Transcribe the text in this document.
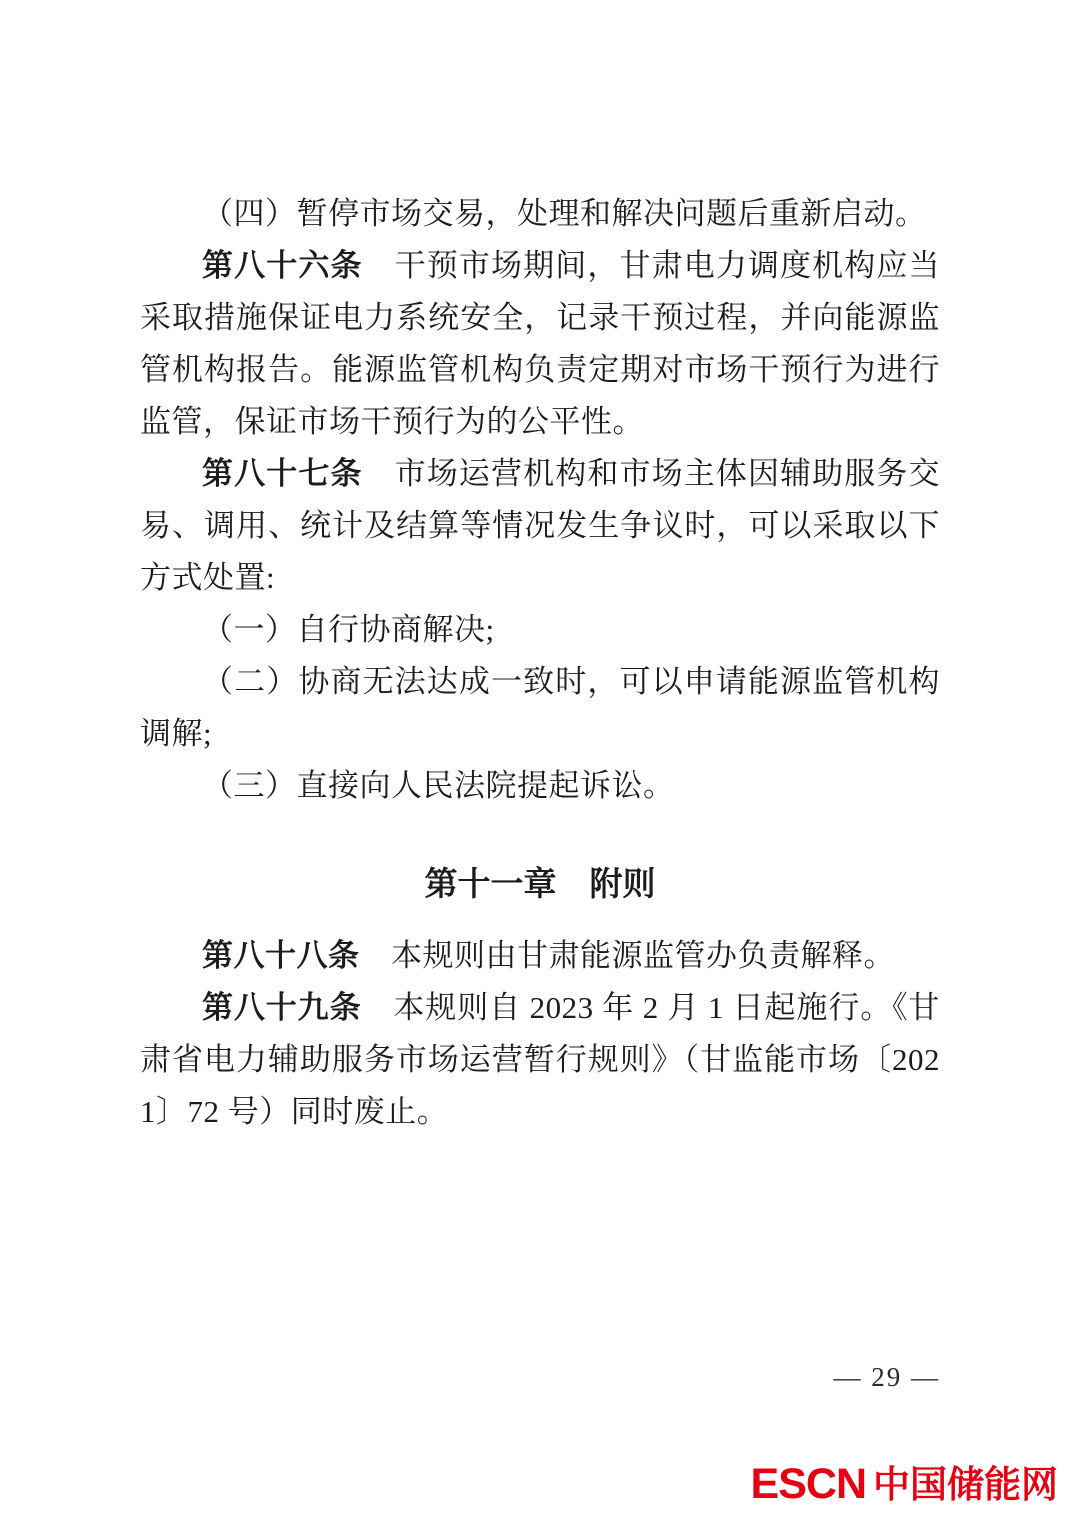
（四）暂停市场交易，处理和解决问题后重新启动。

第八十六条　干预市场期间，甘肃电力调度机构应当采取措施保证电力系统安全，记录干预过程，并向能源监管机构报告。能源监管机构负责定期对市场干预行为进行监管，保证市场干预行为的公平性。

第八十七条　市场运营机构和市场主体因辅助服务交易、调用、统计及结算等情况发生争议时，可以采取以下方式处置:

（一）自行协商解决;

（二）协商无法达成一致时，可以申请能源监管机构调解;

（三）直接向人民法院提起诉讼。

第十一章　附则

第八十八条　本规则由甘肃能源监管办负责解释。

第八十九条　本规则自 2023 年 2 月 1 日起施行。《甘肃省电力辅助服务市场运营暂行规则》（甘监能市场〔2021〕72 号）同时废止。

— 29 —
ESCN 中国储能网
